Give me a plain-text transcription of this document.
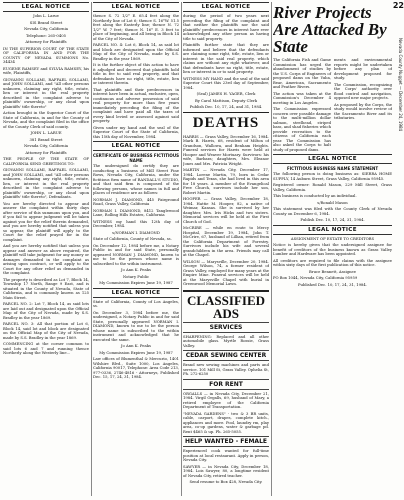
22
Nevada County Nugget — December 24, 1984
LEGAL NOTICE

John L. Larue

SIS Brand Street

Nevada City, California

Telephone: 265-0405

Attorney for Plaintiffs

IN THE SUPERIOR COURT OF THE STATE OF CALIFORNIA IN AND FOR THE COUNTY OF NEVADA SUMMONS No. 34434

EUGENE RAMSEY and SYLVIA RAMSEY, his wife, Plaintiffs,

GIOVANNI SOLLAMI, RAFFAEL SOLLAMI, and JOHN SOLLAMI, and "All other persons unknown, claiming any right, title, estate, lien or interest in the real property described in the complaint adverse to plaintiffs' ownership, or any cloud upon plaintiffs' title thereto"

Action brought in the Superior Court of the State of California, in and for the County of Nevada, and the complaint filed in the office of the County Clerk of said county.

JOHN L. LARUE

381 Brand Street

Nevada City, California

Attorney for Plaintiffs

THE PEOPLE OF THE STATE OF CALIFORNIA SEND GREETINGS TO:

GIOVANNI SOLLAMI, RAFFAEL SOLLAMI, and JOHN SOLLAMI, and "All other persons unknown, claiming any right, title, estate, lien, or interest in the real property described in the complaint adverse to plaintiffs' ownership, or any cloud upon plaintiffs' title thereto", Defendants.

You are hereby directed to appear and answer the complaint within thirty days after service of this summons upon you, and if you fail to appear judgment will be taken against you for the relief therein demanded, and you are hereby notified that unless you so appear, the plaintiff will apply to the Court for the relief prayed for in the complaint.

And you are hereby notified that unless you appear and answer as above required, the plaintiff will take judgment for any money or damages demanded in the complaint as arising upon contract, or will apply to the Court for any other relief as demanded in the complaint.

The property is described as Lot 7, Block 14, Township 17 North, Range 9 East, and is situated in the County of Nevada, State of California, and is commonly known as 125 Main Street.

PARCEL NO. 2: Lot 7, Block 14, as said lots are laid out and designated upon the Official Map of the City of Nevada, made by S.S. Bradley in the year 1869.

PARCEL NO. 3: All that portion of Lot 6, Block 14, said lot and block are designated on the Official Map of the City of Nevada, made by S.S. Bradley in the year 1869.

COMMENCING at the corner common to said lots 6 and 7 and running thence Northerly along the Westerly line...

LEGAL NOTICE

thence S. 72 1/2° E. 65.4 feet along the Northerly line of Lot 6; thence S. 16°W. 51.5 feet along the Easterly line; thence N. 72 1/2° W. 7 feet; thence N. 16° E. 3 feet to place of beginning, and all being in Block 14 of the City of Nevada.

PARCEL NO. 4: Lot 6, Block 14, as said lot and block are designated upon the Official Map of the City of Nevada, made by S.S. Bradley in the year 1869.

It is the further object of this action to have it adjudged and decreed that plaintiffs hold title in fee to said real property, and that defendants have no right, title, estate, lien or interest therein.

That plaintiffs and their predecessors in interest have been in actual, exclusive, open, continuous and adverse possession of said real property for more than five years immediately preceding the filing of the complaint and have paid all the taxes of every kind levied or assessed against said property.

Given under my hand and the seal of the Superior Court of the State of California, this 15th day of November, 1984.

LEGAL NOTICE
CERTIFICATE OF BUSINESS FICTITIOUS NAME

The undersigned do certify they are conducting a business of Mill Street Fine Rows, Nevada City, California, under the fictitious firm name of RANDALL'S STUDIO, and that said firm is composed of the following persons, whose names in full and places of residence are as follows:

NORMAN J. DIAMOND, 445 Fairground Road, Grass Valley, California

NORMAN I. DIAMOND, 8412 Tanglewood Lane, Rolling Hills Estates, California

WITNESS my hand this 12th day of December, 1984.

s/NORMAN I. DIAMOND

State of California, County of Nevada, ss.

On December 12, 1984 before me, a Notary Public in and for said State, personally appeared NORMAN J. DIAMOND, known to me to be the person whose name is subscribed to the within instrument.

Jo Ann K. Peaks

Notary Public

My Commission Expires June 19, 1987

LEGAL NOTICE

State of California, County of Los Angeles, ss.

On December 3, 1984 before me, the undersigned, a Notary Public in and for said State, personally appeared NORMAN I. DIAMOND, known to me to be the person whose name is subscribed to the within instrument and acknowledged that he executed the same.

Jo Ann K. Peaks

My Commission Expires June 19, 1987

Law offices of Blumenthal & Mercurio, 1401 Wilshire Blvd., Suite 1000, Los Angeles, California 90017, Telephone: Area Code 213, 977-0336, 2746-4816 - Attorneys, Published Dec. 15, 17, 24, 31, 1984.

LEGAL NOTICE

during the period of two years next preceding the filing of the complaint and that neither the plaintiffs nor the said plaintiffs' predecessors in interest have ever acknowledged any other person as having title to said property.

Plaintiffs further state that they are informed and believe that the defendants are claiming some right, title, estate, lien or interest in the said real property, which claims are without any right whatever, and that defendants have no right, title, estate, lien or interest in or to said property.

WITNESS MY HAND and the seal of the said Superior Court this 23rd day of September, 1984.

(Seal) JAMES H. YAGER, Clerk

By Carol Mattison, Deputy Clerk

Publish Dec. 10, 17, 24, and 31, 1984.

DEATHS

HARRIS — Grass Valley, December 16, 1984. Mark B. Harris, 68, resident of Milton of Grandson, Wallowa, and Benham Heights. Funeral services for Harris were held at Hooper and Weaver Mortuary. Survivors: his wife, Barbara; daughters, Mrs. Eleanor Jones and Mrs. Patricia Wright.

MARTIN — Nevada City, December 17, 1984. Lorene Martin, 79, born in Cedar Rapids and Texas, she had lived in this area for 18 years. A member of the Evangelical Free Church, survivors include her son, Robert Martin.

HOOPER — Grass Valley, December 18, 1984. Hattie M. Hooper, 82, a native of Weimar, Kansas. She is survived by her daughter, Mrs. Iris Hicks and two sisters. Memorial services will be held at the First Church of God.

McCRIRE — while en route to Mercy Hospital, December 19, 1984, John T. McCrire, 67, husband of Lillian, retired from the California Department of Forestry. Survivors include his wife and several grandchildren in the area. Friends may call at the Chapel.

WILSON — Marysville, December 20, 1984. George Wilson, 74, a former resident of Grass Valley, employed for many years at the Empire Mine. Funeral services will be held at the Marysville Chapel with burial in Greenwood Memorial Lawn.

CLASSIFIED ADS
SERVICES

SHARPENING: Replaced and all other automobile glass. Myrtle Rossie, Grass Valley.

CEDAR SEWING CENTER

Brand new sewing machines and parts and service. 101 Mill St, Grass Valley. Ophelia St, Ph. 272-6250

FOR RENT

ORGALLS — in Nevada City, December 21, 1984. Virgil Orgalls, 69, husband of Mary, a retired employee of the California Department of Transportation.

"NEVADA GARDENS" - two & 3 BR units, cable, carport, drapes, complete kitch., appliances and more. Pool, laundry rm, play area, co-op gardens, water & garbage pd. Rent $465 & up. Ph. 265-5055.

HELP WANTED - FEMALE

Experienced cook wanted for full-time position at local restaurant. Apply in person, Nevada City.

SAWYER — in Nevada City, December 18, 1984. Lois Sawyer, 80, a longtime resident of Nevada City, retired teacher.

Send resume to Box 428, Nevada City.

River Projects Are Attacked By State

The California Fish and Game Commission has urged the abandonment of studies by the U.S. Corps of Engineers of proposed dams on the Yuba, Bear, American, Sacramento and Feather Rivers.

The action was taken at the Commission's December 4 meeting in Los Angeles.

The Commission expressed concern over possible damage to the multi-million dollar salmon, steelhead, striped bass, and shad fisheries which provide recreation to the citizens of California each year. The Commission has also asked the Corps to halt study of proposed dams.

ments and environmental reports might be undertaken before any plan of development proposed for study.

The Commission, recognizing the Corps' authority over flood control and navigation, opposed new major projects.

As proposed by the Corps, the study would involve review of the Sacramento River and its tributaries.

LEGAL NOTICE
FICTITIOUS BUSINESS NAME STATEMENT

The following person is doing business as: SIERRA HOME SUPPLY, 14 Auburn Street, Grass Valley, California 95945.

Registered owner: Ronald Mason, 229 Mill Street, Grass Valley, California.

This business is conducted by an individual.

s/Ronald Mason

This statement was filed with the County Clerk of Nevada County on December 6, 1984.

Publish Dec. 10, 17, 24, 31, 1984.

LEGAL NOTICE

ASSIGNMENT OF ESTATE TO CREDITORS

Notice is hereby given that the undersigned assignee for benefit of creditors of the business known as Grass Valley Lumber and Hardware has been appointed.

All creditors are required to file claims with the assignee within sixty days of the first publication of this notice.

Bruce Bennett, Assignee

PO Box 1044, Nevada City, California 95959

Published Dec. 10, 17, 24, 31, 1984.
